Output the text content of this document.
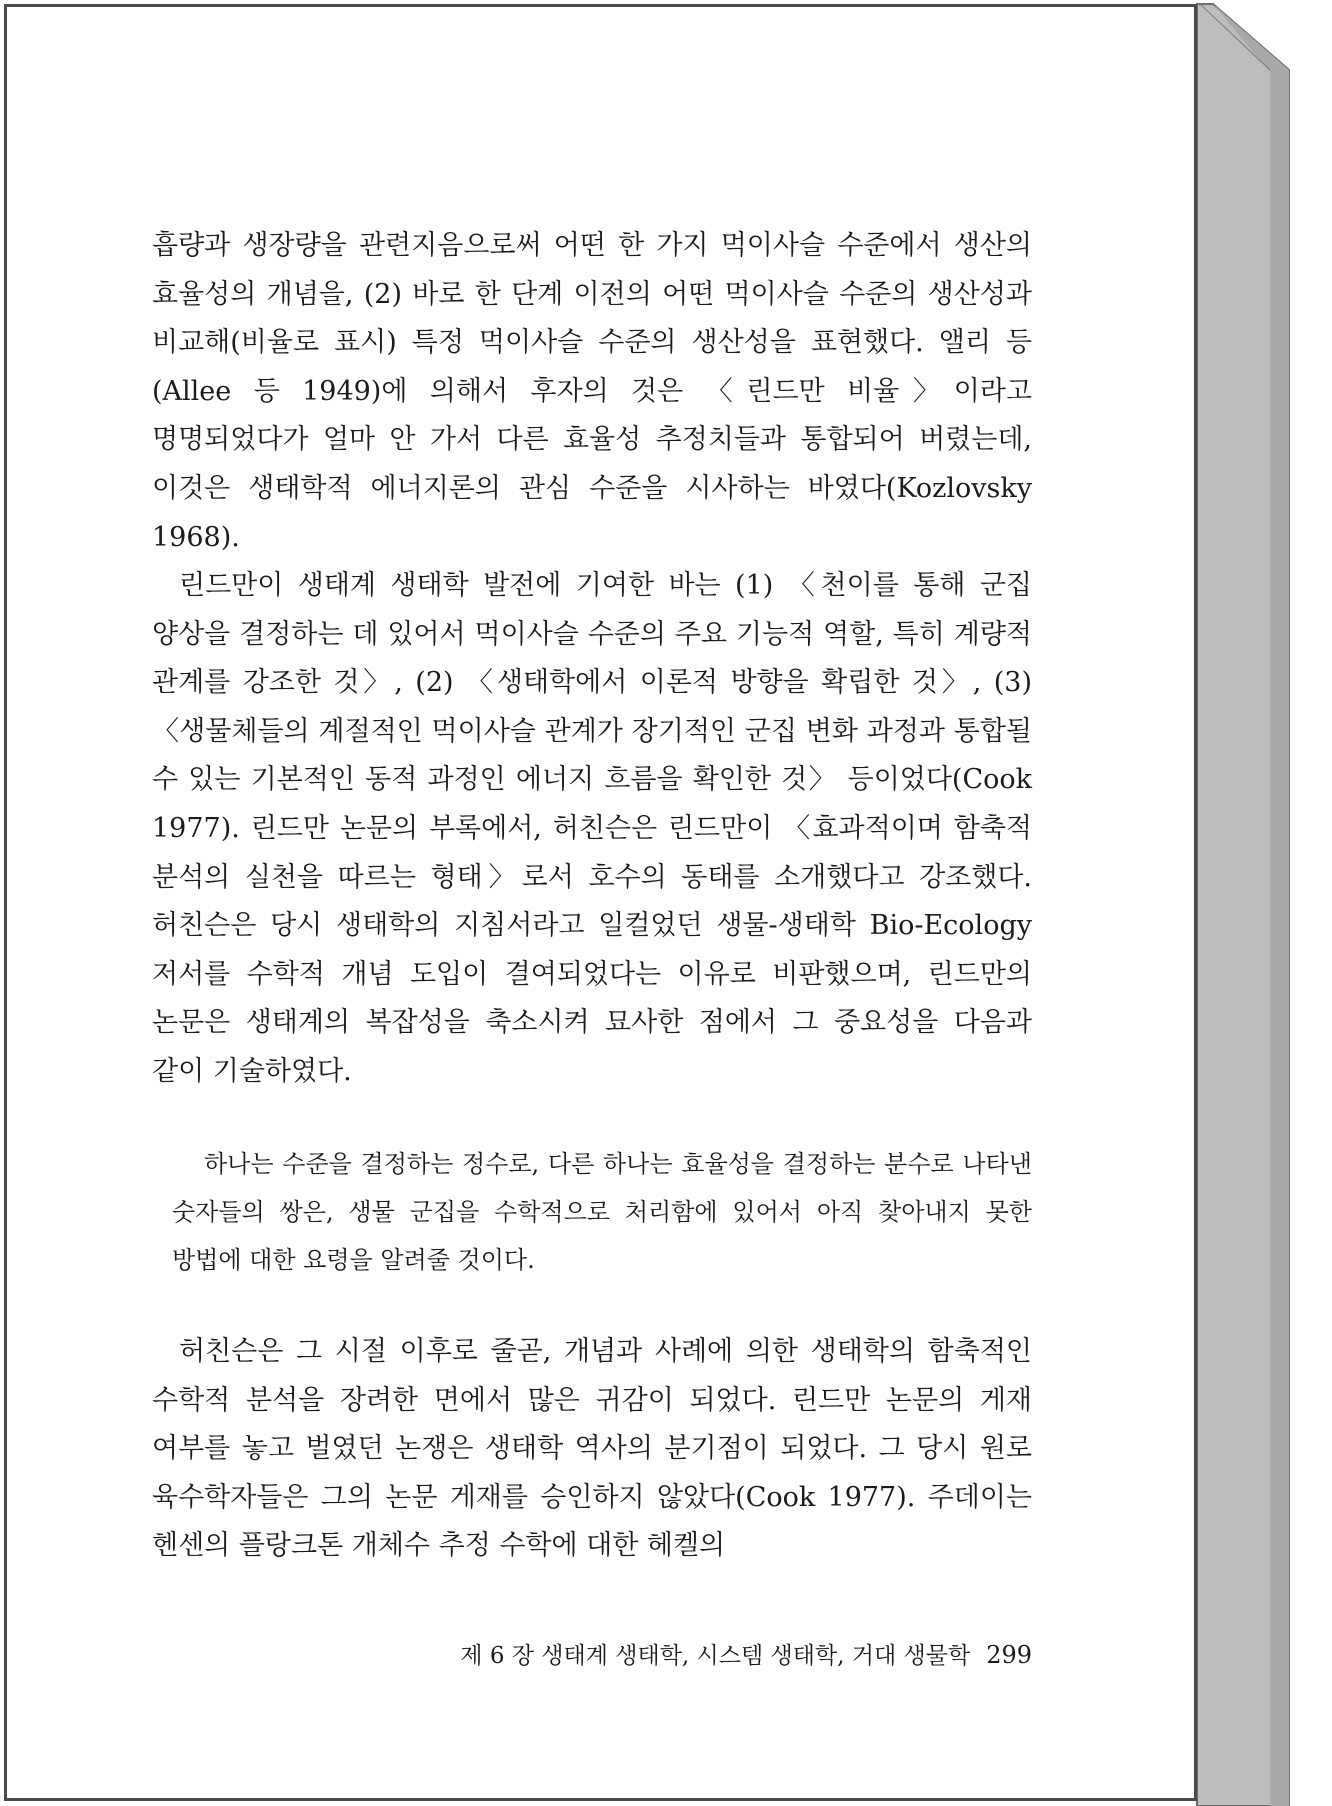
흡량과 생장량을 관련지음으로써 어떤 한 가지 먹이사슬 수준에서 생산의 효율성의 개념을, (2) 바로 한 단계 이전의 어떤 먹이사슬 수준의 생산성과 비교해(비율로 표시) 특정 먹이사슬 수준의 생산성을 표현했다. 앨리 등(Allee 등 1949)에 의해서 후자의 것은 〈린드만 비율〉이라고 명명되었다가 얼마 안 가서 다른 효율성 추정치들과 통합되어 버렸는데, 이것은 생태학적 에너지론의 관심 수준을 시사하는 바였다(Kozlovsky 1968).

린드만이 생태계 생태학 발전에 기여한 바는 (1) 〈천이를 통해 군집 양상을 결정하는 데 있어서 먹이사슬 수준의 주요 기능적 역할, 특히 계량적 관계를 강조한 것〉, (2) 〈생태학에서 이론적 방향을 확립한 것〉, (3) 〈생물체들의 계절적인 먹이사슬 관계가 장기적인 군집 변화 과정과 통합될 수 있는 기본적인 동적 과정인 에너지 흐름을 확인한 것〉 등이었다(Cook 1977). 린드만 논문의 부록에서, 허친슨은 린드만이 〈효과적이며 함축적 분석의 실천을 따르는 형태〉로서 호수의 동태를 소개했다고 강조했다. 허친슨은 당시 생태학의 지침서라고 일컬었던 생물-생태학 Bio-Ecology 저서를 수학적 개념 도입이 결여되었다는 이유로 비판했으며, 린드만의 논문은 생태계의 복잡성을 축소시켜 묘사한 점에서 그 중요성을 다음과 같이 기술하였다.

하나는 수준을 결정하는 정수로, 다른 하나는 효율성을 결정하는 분수로 나타낸 숫자들의 쌍은, 생물 군집을 수학적으로 처리함에 있어서 아직 찾아내지 못한 방법에 대한 요령을 알려줄 것이다.

허친슨은 그 시절 이후로 줄곧, 개념과 사례에 의한 생태학의 함축적인 수학적 분석을 장려한 면에서 많은 귀감이 되었다. 린드만 논문의 게재 여부를 놓고 벌였던 논쟁은 생태학 역사의 분기점이 되었다. 그 당시 원로 육수학자들은 그의 논문 게재를 승인하지 않았다(Cook 1977). 주데이는 헨센의 플랑크톤 개체수 추정 수학에 대한 헤켈의

제 6 장 생태계 생태학, 시스템 생태학, 거대 생물학 299
